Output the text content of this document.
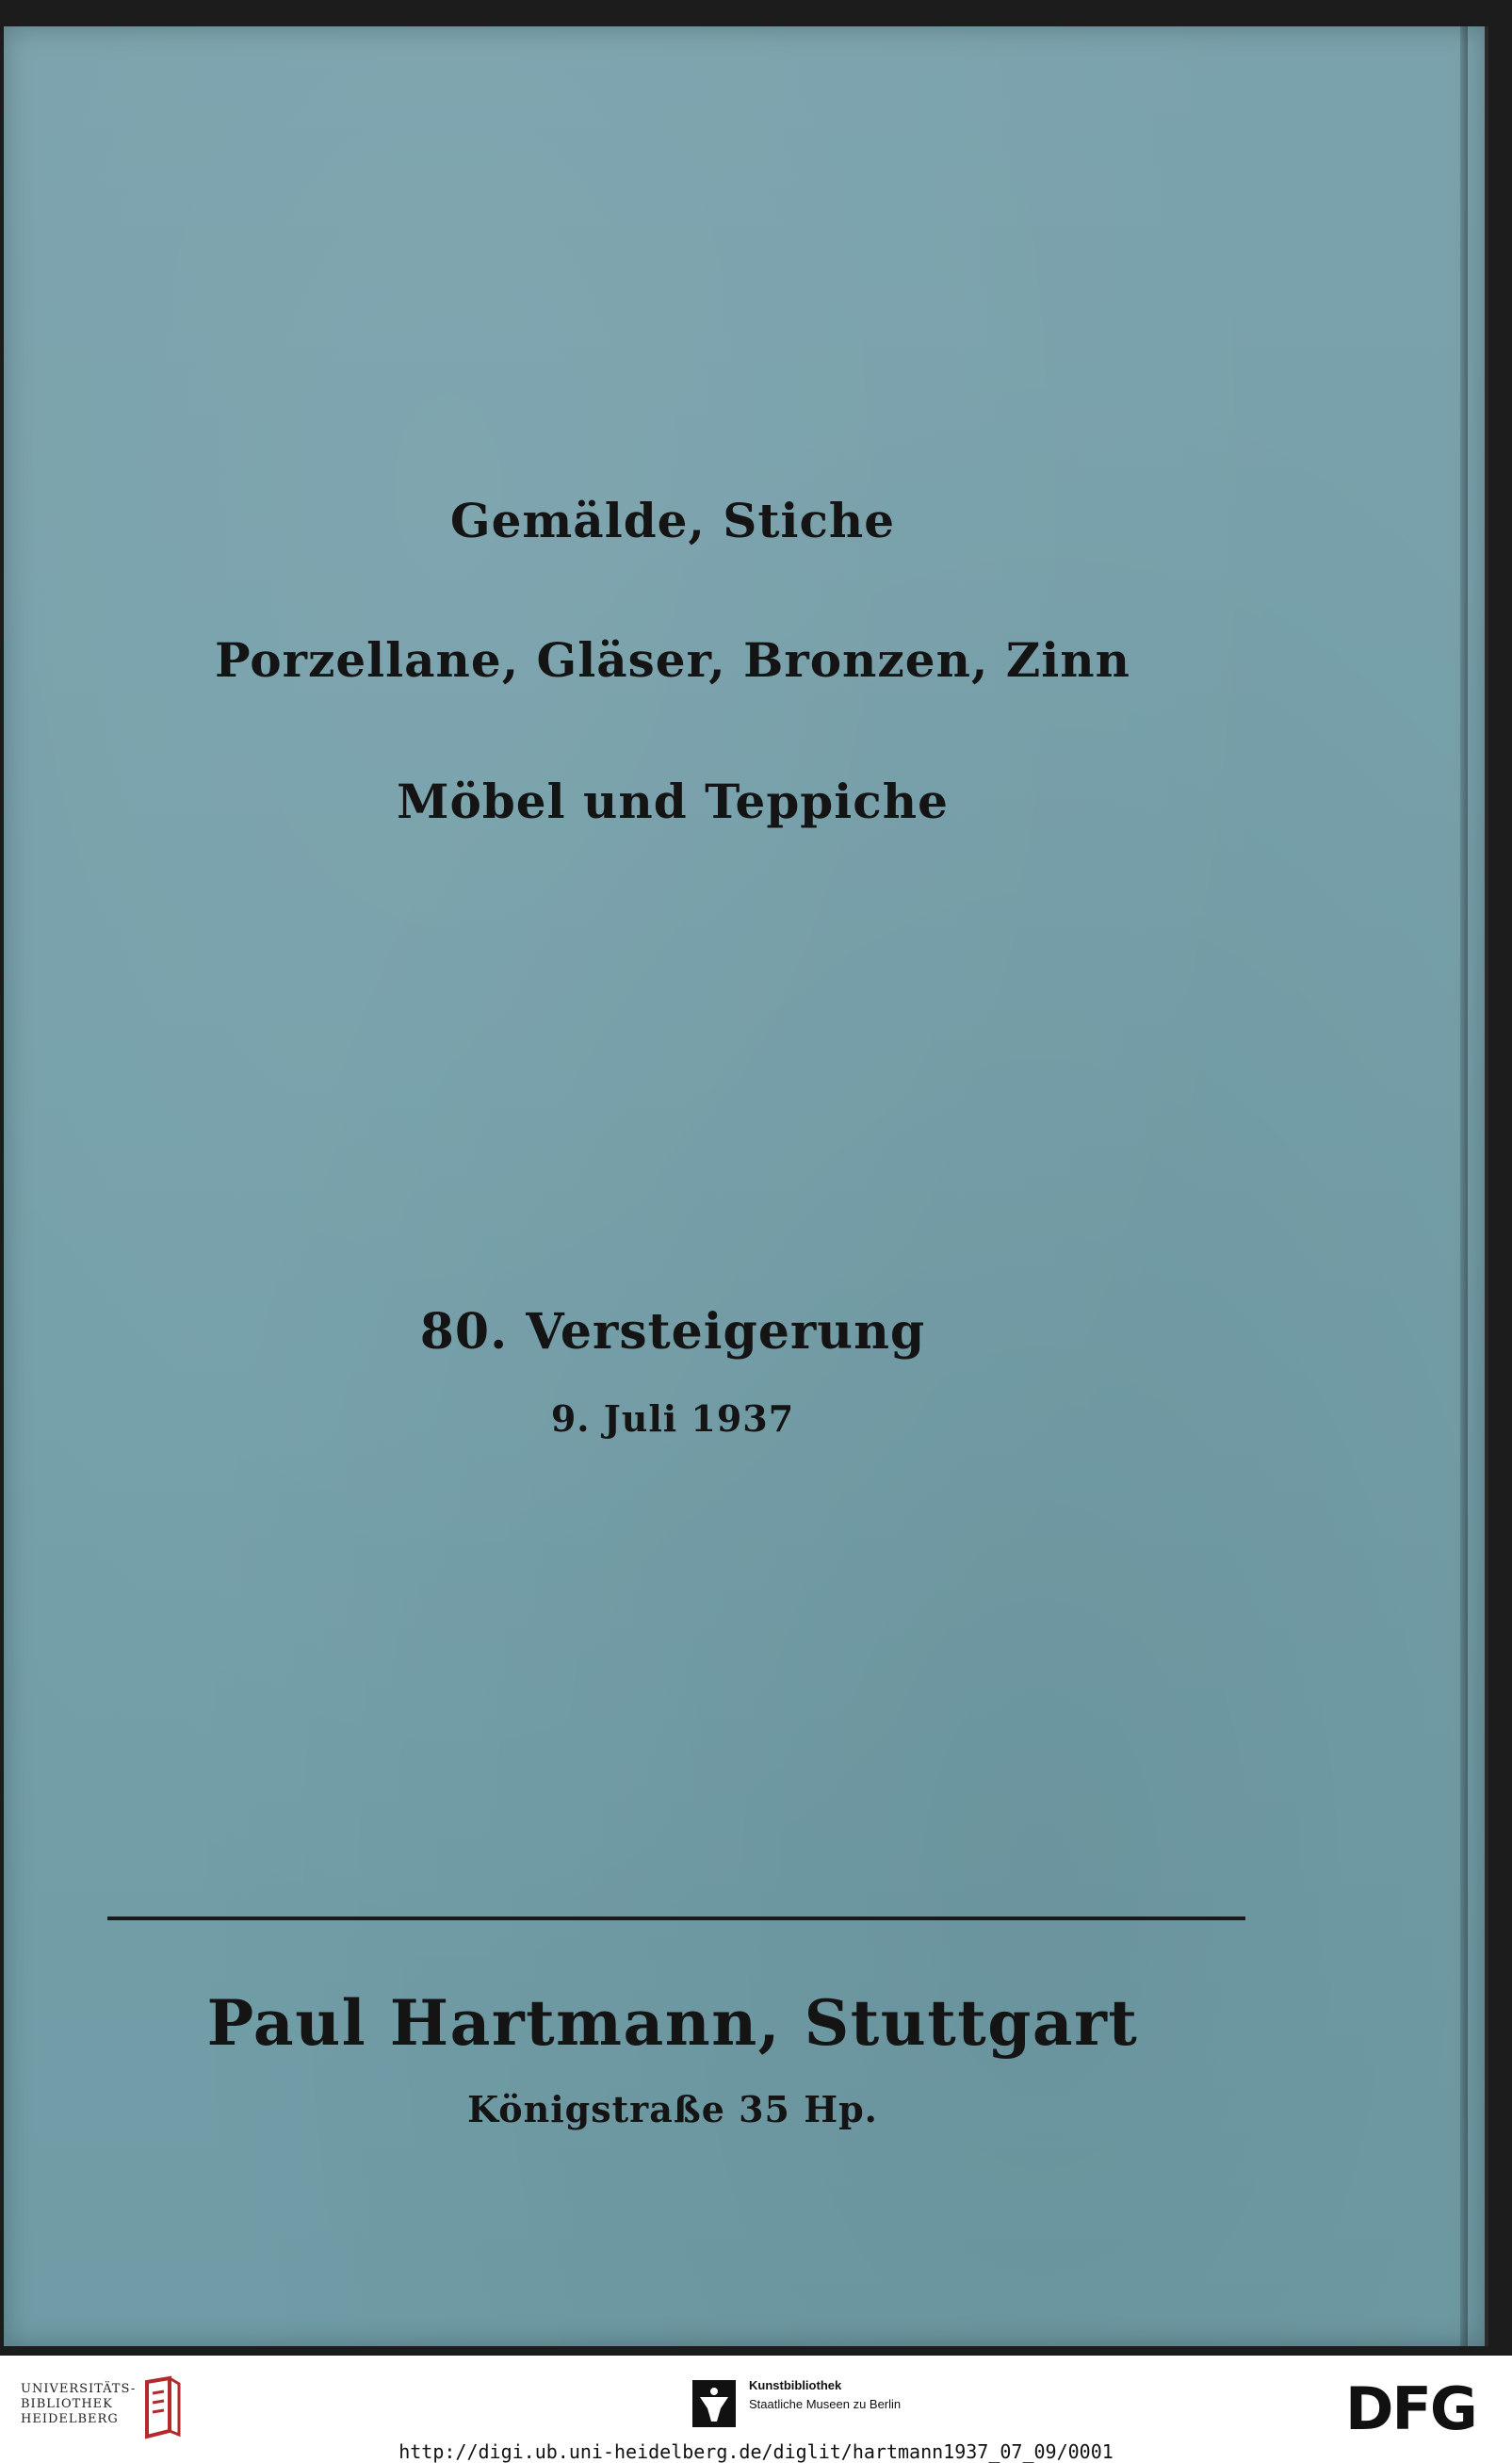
Gemälde, Stiche
Porzellane, Gläser, Bronzen, Zinn
Möbel und Teppiche
80. Versteigerung
9. Juli 1937
Paul Hartmann, Stuttgart
Königstraße 35 Hp.
UNIVERSITÄTS-
BIBLIOTHEK
HEIDELBERG
Kunstbibliothek
Staatliche Museen zu Berlin	DFG
http://digi.ub.uni-heidelberg.de/diglit/hartmann1937_07_09/0001
